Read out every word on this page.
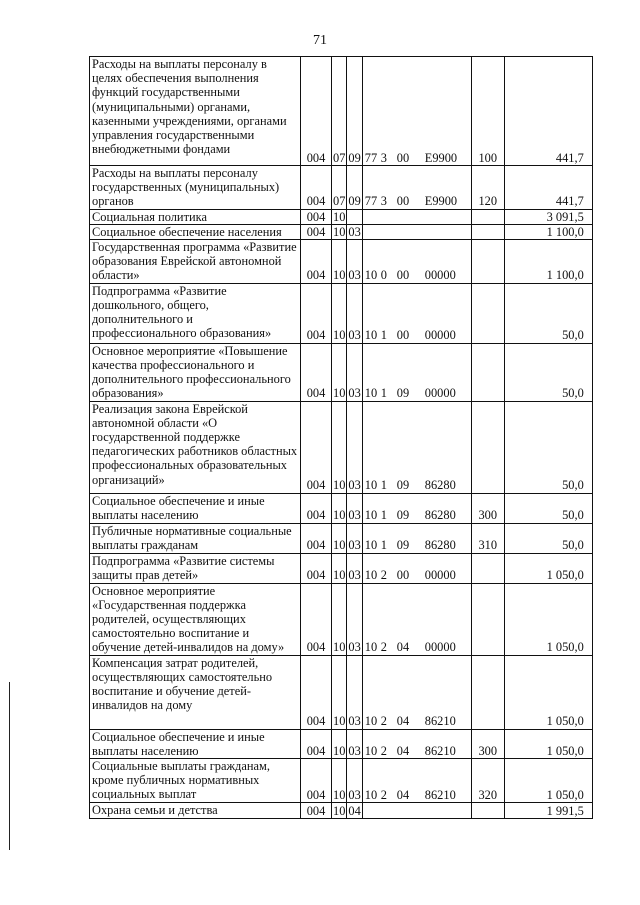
71
Расходы на выплаты персоналу в целях обеспечения выполнения функций государственными (муниципальными) органами, казенными учреждениями, органами управления государственными внебюджетными фондами	004	07	09	77 3 00 Е9900	100	441,7
Расходы на выплаты персоналу государственных (муниципальных) органов	004	07	09	77 3 00 Е9900	120	441,7
Социальная политика	004	10				3 091,5
Социальное обеспечение населения	004	10	03			1 100,0
Государственная программа «Развитие образования Еврейской автономной области»	004	10	03	10 0 00 00000		1 100,0
Подпрограмма «Развитие дошкольного, общего, дополнительного и профессионального образования»	004	10	03	10 1 00 00000		50,0
Основное мероприятие «Повышение качества профессионального и дополнительного профессионального образования»	004	10	03	10 1 09 00000		50,0
Реализация закона Еврейской автономной области «О государственной поддержке педагогических работников областных профессиональных образовательных организаций»	004	10	03	10 1 09 86280		50,0
Социальное обеспечение и иные выплаты населению	004	10	03	10 1 09 86280	300	50,0
Публичные нормативные социальные выплаты гражданам	004	10	03	10 1 09 86280	310	50,0
Подпрограмма «Развитие системы защиты прав детей»	004	10	03	10 2 00 00000		1 050,0
Основное мероприятие «Государственная поддержка родителей, осуществляющих самостоятельно воспитание и обучение детей-инвалидов на дому»	004	10	03	10 2 04 00000		1 050,0
Компенсация затрат родителей, осуществляющих самостоятельно воспитание и обучение детей-инвалидов на дому	004	10	03	10 2 04 86210		1 050,0
Социальное обеспечение и иные выплаты населению	004	10	03	10 2 04 86210	300	1 050,0
Социальные выплаты гражданам, кроме публичных нормативных социальных выплат	004	10	03	10 2 04 86210	320	1 050,0
Охрана семьи и детства	004	10	04			1 991,5
